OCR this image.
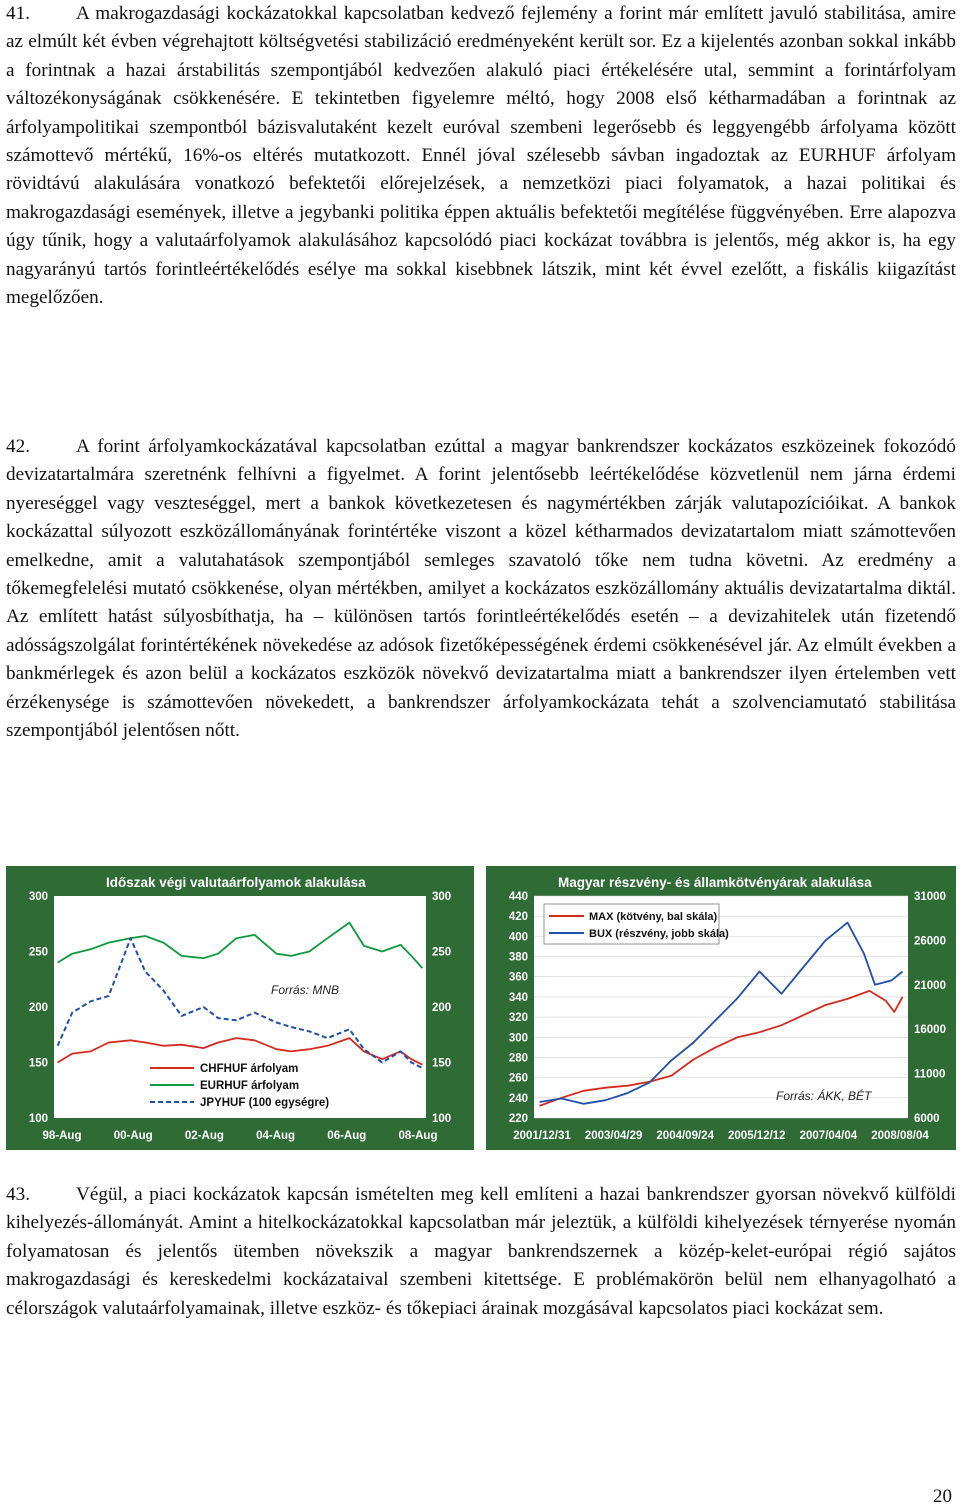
41. A makrogazdasági kockázatokkal kapcsolatban kedvező fejlemény a forint már említett javuló stabilitása, amire az elmúlt két évben végrehajtott költségvetési stabilizáció eredményeként került sor. Ez a kijelentés azonban sokkal inkább a forintnak a hazai árstabilitás szempontjából kedvezően alakuló piaci értékelésére utal, semmint a forintárfolyam változékonyságának csökkenésére. E tekintetben figyelemre méltó, hogy 2008 első kétharmadában a forintnak az árfolyampolitikai szempontból bázisvalutaként kezelt euróval szembeni legerősebb és leggyengébb árfolyama között számottevő mértékű, 16%-os eltérés mutatkozott. Ennél jóval szélesebb sávban ingadoztak az EURHUF árfolyam rövidtávú alakulására vonatkozó befektetői előrejelzések, a nemzetközi piaci folyamatok, a hazai politikai és makrogazdasági események, illetve a jegybanki politika éppen aktuális befektetői megítélése függvényében. Erre alapozva úgy tűnik, hogy a valutaárfolyamok alakulásához kapcsolódó piaci kockázat továbbra is jelentős, még akkor is, ha egy nagyarányú tartós forintleértékelődés esélye ma sokkal kisebbnek látszik, mint két évvel ezelőtt, a fiskális kiigazítást megelőzően.

42. A forint árfolyamkockázatával kapcsolatban ezúttal a magyar bankrendszer kockázatos eszközeinek fokozódó devizatartalmára szeretnénk felhívni a figyelmet. A forint jelentősebb leértékelődése közvetlenül nem járna érdemi nyereséggel vagy veszteséggel, mert a bankok következetesen és nagymértékben zárják valutapozícióikat. A bankok kockázattal súlyozott eszközállományának forintértéke viszont a közel kétharmados devizatartalom miatt számottevően emelkedne, amit a valutahatások szempontjából semleges szavatoló tőke nem tudna követni. Az eredmény a tőkemegfelelési mutató csökkenése, olyan mértékben, amilyet a kockázatos eszközállomány aktuális devizatartalma diktál. Az említett hatást súlyosbíthatja, ha – különösen tartós forintleértékelődés esetén – a devizahitelek után fizetendő adósságszolgálat forintértékének növekedése az adósok fizetőképességének érdemi csökkenésével jár. Az elmúlt években a bankmérlegek és azon belül a kockázatos eszközök növekvő devizatartalma miatt a bankrendszer ilyen értelemben vett érzékenysége is számottevően növekedett, a bankrendszer árfolyamkockázata tehát a szolvenciamutató stabilitása szempontjából jelentősen nőtt.

43. Végül, a piaci kockázatok kapcsán ismételten meg kell említeni a hazai bankrendszer gyorsan növekvő külföldi kihelyezés-állományát. Amint a hitelkockázatokkal kapcsolatban már jeleztük, a külföldi kihelyezések térnyerése nyomán folyamatosan és jelentős ütemben növekszik a magyar bankrendszernek a közép-kelet-európai régió sajátos makrogazdasági és kereskedelmi kockázataival szembeni kitettsége. E problémakörön belül nem elhanyagolható a célországok valutaárfolyamainak, illetve eszköz- és tőkepiaci árainak mozgásával kapcsolatos piaci kockázat sem.

Időszak végi valutaárfolyamok alakulása
300
250
200
150
100
300
250
200
150
100
98-Aug	00-Aug	02-Aug	04-Aug	06-Aug	08-Aug
CHFHUF árfolyam
EURHUF árfolyam
JPYHUF (100 egységre)
Forrás: MNB
Magyar részvény- és államkötvényárak alakulása
440
420
400
380
360
340
320
300
280
260
240
220
31000
26000
21000
16000
11000
6000
2001/12/31 2003/04/29 2004/09/24 2005/12/12 2007/04/04 2008/08/04
MAX (kötvény, bal skála)
BUX (részvény, jobb skála)
Forrás: ÁKK, BÉT
20
